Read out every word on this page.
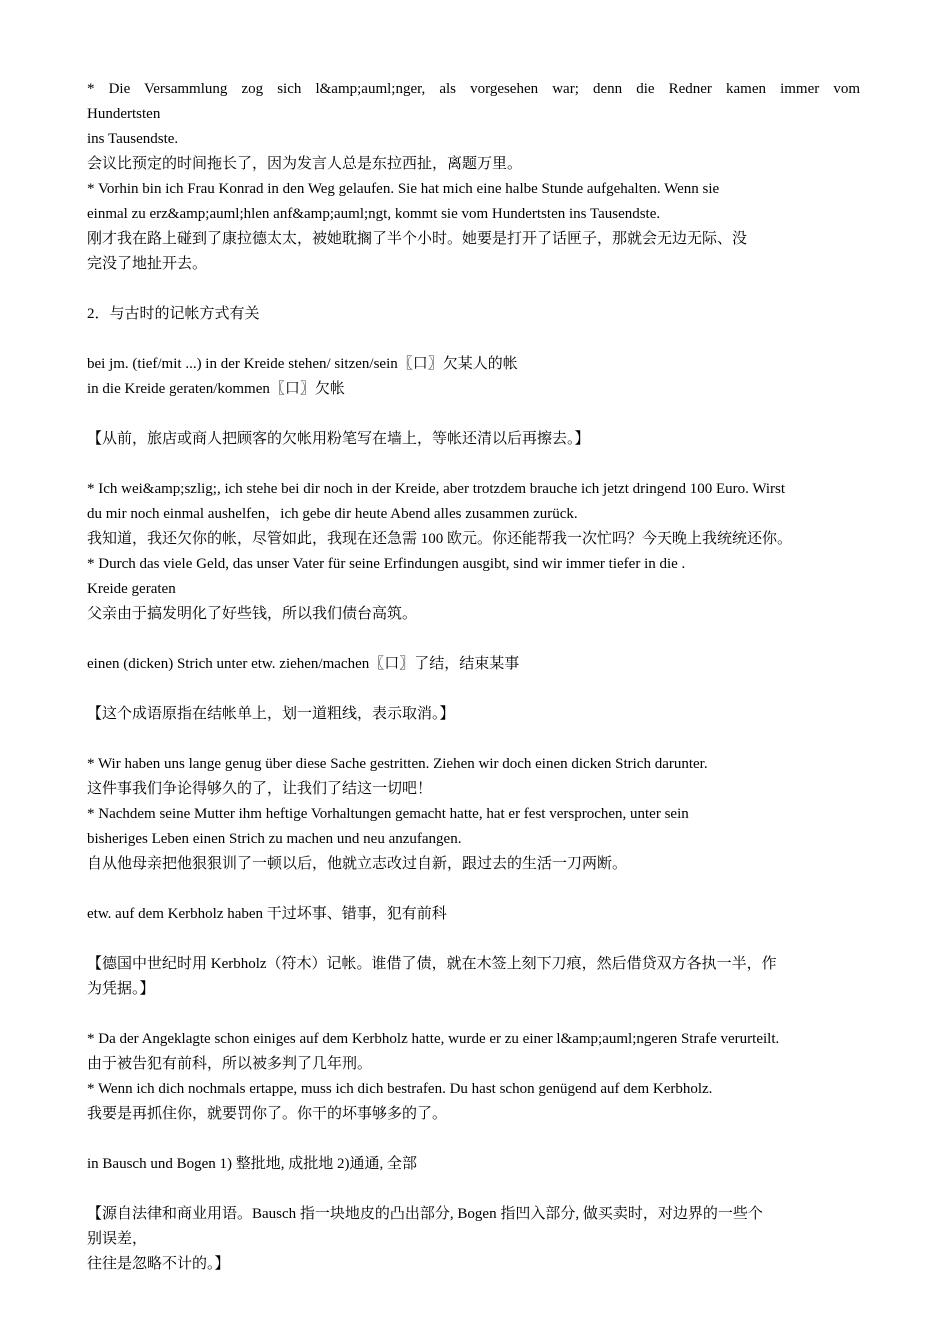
* Die Versammlung zog sich l&amp;auml;nger, als vorgesehen war; denn die Redner kamen immer vom
Hundertsten
ins Tausendste.
会议比预定的时间拖长了，因为发言人总是东拉西扯，离题万里。
* Vorhin bin ich Frau Konrad in den Weg gelaufen. Sie hat mich eine halbe Stunde aufgehalten. Wenn sie
einmal zu erz&amp;auml;hlen anf&amp;auml;ngt, kommt sie vom Hundertsten ins Tausendste.
刚才我在路上碰到了康拉德太太，被她耽搁了半个小时。她要是打开了话匣子，那就会无边无际、没
完没了地扯开去。
2．与古时的记帐方式有关
bei jm. (tief/mit ...) in der Kreide stehen/ sitzen/sein〖口〗欠某人的帐
in die Kreide geraten/kommen〖口〗欠帐
【从前，旅店或商人把顾客的欠帐用粉笔写在墙上，等帐还清以后再擦去。】
* Ich wei&amp;szlig;, ich stehe bei dir noch in der Kreide, aber trotzdem brauche ich jetzt dringend 100 Euro. Wirst
du mir noch einmal aushelfen，ich gebe dir heute Abend alles zusammen zurück.
我知道，我还欠你的帐，尽管如此，我现在还急需 100 欧元。你还能帮我一次忙吗？今天晚上我统统还你。
* Durch das viele Geld, das unser Vater für seine Erfindungen ausgibt, sind wir immer tiefer in die .
Kreide geraten
父亲由于搞发明化了好些钱，所以我们债台高筑。
einen (dicken) Strich unter etw. ziehen/machen〖口〗了结，结束某事
【这个成语原指在结帐单上，划一道粗线，表示取消。】
* Wir haben uns lange genug über diese Sache gestritten. Ziehen wir doch einen dicken Strich darunter.
这件事我们争论得够久的了，让我们了结这一切吧！
* Nachdem seine Mutter ihm heftige Vorhaltungen gemacht hatte, hat er fest versprochen, unter sein
bisheriges Leben einen Strich zu machen und neu anzufangen.
自从他母亲把他狠狠训了一顿以后，他就立志改过自新，跟过去的生活一刀两断。
etw. auf dem Kerbholz haben 干过坏事、错事，犯有前科
【德国中世纪时用 Kerbholz（符木）记帐。谁借了债，就在木签上刻下刀痕，然后借贷双方各执一半，作
为凭据。】
* Da der Angeklagte schon einiges auf dem Kerbholz hatte, wurde er zu einer l&amp;auml;ngeren Strafe verurteilt.
由于被告犯有前科，所以被多判了几年刑。
* Wenn ich dich nochmals ertappe, muss ich dich bestrafen. Du hast schon genügend auf dem Kerbholz.
我要是再抓住你，就要罚你了。你干的坏事够多的了。
in Bausch und Bogen 1) 整批地, 成批地 2)通通, 全部
【源自法律和商业用语。Bausch 指一块地皮的凸出部分, Bogen 指凹入部分, 做买卖时，对边界的一些个
别误差，
往往是忽略不计的。】
